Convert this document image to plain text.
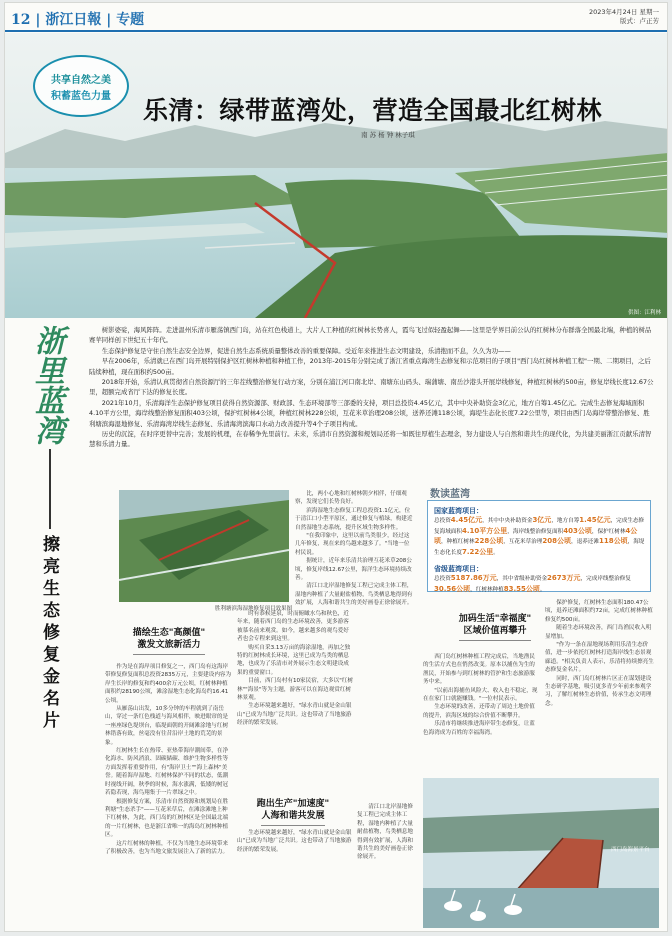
12 | 浙江日報 | 专题	2023年4月24日 星期一
版式：卢正芳
共享自然之美
积蓄蓝色力量	乐清：绿带蓝湾处，营造全国最北红树林
南 苏 杨 钟 林子琪
供图：江利林
浙里蓝湾
擦亮生态修复金名片

树影婆娑，海风阵阵。走进温州乐清市雁荡镇西门岛，站在红色栈道上，大片人工种植的红树林长势喜人，霞鸟飞过似轻盈起舞——这里是学界目前公认的红树林分布群落全国最北端，种植的树品赛苹同样创下世纪五十年代。

生态保护修复是守住自然生态安全边界，促进自然生态系统质量整体改善的重要保障。受近年来推进生态文明建设，乐清抱而不息，久久为功——

早在2006年，乐清就已在西门岛开展特别保护区红树林种植和种植工作，2013年-2015年分别完成了浙江省重点海湾生态修复和示范项目的子项目"西门岛红树林种植工程"一期、二期项目，之后陆续种植，现在面积约500亩。

2018年开始，乐清认真贯彻省自然资源厅的三年茬线整治修复行动方案，分别在浦江河口南北岸、南塘东山码头、瑞蒲塘、南岳沙港头开展岸线修复，种植红树林约500亩，修复岸线长度12.67公里，超额完成省厅下达的修复长度。

2021年10月，乐清海洋生态保护修复项目获得自然资源部、财政部、生态环境部等三部委的支持，项目总投资4.45亿元，其中中央补助资金3亿元，地方自筹1.45亿元。完成生态修复海域面积4.10平方公里，海岸线整治修复面积403公顷，保护红树林4公顷，种植红树林228公顷，互花米草治理208公顷，送养还滩118公顷，海堤生态化长度7.22公里等，项目由西门岛海岸带整治修复、胜利塘滨海湿地修复、乐清海湾岸线生态修复、乐清海湾滨海口水动力改善提升等4个子项目构成。

历史的沉淀，在时序更替中完善；发展的机理，在春稀争先里前行。未来，乐清市自然资源和规划局还将一如既往厚植生态理念，努力建设人与自然和谐共生的现代化，为共建美丽浙江贡献乐清智慧和乐清力量。

胜利塘滨海湿地修复项目效果图
描绘生态"高颜值"
激发文旅新活力
跑出生产"加速度"
人海和谐共发展
加码生活"幸福度"
区域价值再攀升

作为是在海岸项目修复之一，西门岛有这海岸带修复修复面积总投资2835万元，主要建设内容为岸生长岸的修复和约400余万元公顷，红树林种植面积约28190公顷，滩涂湿地生态化海岛约16.41公顷。

从雁荡山出发，10多分钟的车程就到了南岳山，穿过一条红色栈道与海风相伴，映进眼帘的是一座座绿色堤坝台，临堤面朝的开阔滩涂地与红树林错落有致，丝毫没有往昔沿岸土地的荒芜的景象。

红树林生长在热带、亚热带海岸潮间带，在净化海水、防风消浪、固碳储碳、维护生物多样性等方面发挥着重要作用，有"海岸卫士""海上森林"美誉。随着海岸湿地、红树林保护不同的状态，低潮时视线开阔，秋季的时候，海水涨满，低矮的树冠若隐若现，海鸟翔集于一片翠绿之中。

根据修复方案，乐清市自然资源和规划局在胜利塘"生态杀手"——互花米草后，在滩涂滩地上种下红树林，为此，西门岛的红树林区是全国最北端的一片红树林，也是浙江省唯一的海岛红树林种植区。

这片红树林的种植，不仅为当地生态环境带来了积极改善，也为当地文旅发展注入了新的活力。

时有恭候延泉，时而俯瞰水鸟和秋色，近年来，随着西门岛的生态环境改善，更多游客被慕名前来观赏。如今，越来越多的观鸟爱好者也会专程来到这里。

购买自采3.13万亩的海涂湿地，再加之独特的红树林成长环境，这里已成为鸟类的栖息地，也成为了乐清市对外展示生态文明建设成果的重要窗口。

目前，西门岛村有10家民宿，大多以"红树林""海景"等为主题，游客可以在海边观赏红树林景观。

生态环境越来越好，"绿水青山就是金山银山"已成为当地广泛共识。这也带动了当地旅游经济的繁荣发展。

生态环境越来越好，"绿水青山就是金山银山"已成为当地广泛共识。这也带动了当地旅游经济的繁荣发展。

比，两小心地和红树林朝夕相伴，仔细观察，发现它们长势良好。

滨海湿地生态修复工程总投资1.1亿元，位于清江口小型平原区，通过修复与植绿，构建近自然湿地生态系统，提升区域生物多样性。

"在我印象中，这里以前鸟类很少，经过这几年修复，现在来的鸟越来越多了。"当地一位村民说。

据统计，近年来乐清共治理互花米草208公顷，修复岸线12.67公里，海洋生态环境持续改善。

清江口北岸湿地修复工程已完成主体工程，湿地内种植了大量耐盐植物，鸟类栖息地得到有效扩展，人海和谐共生的美好画卷正徐徐展开。

清江口北岸湿地修复工程已完成主体工程，湿地内种植了大量耐盐植物，鸟类栖息地得到有效扩展，人海和谐共生的美好画卷正徐徐展开。

西门岛红树林种植工程完成后，当地渔民的生活方式也在悄然改变。原本以捕鱼为生的渔民，开始参与到红树林的管护和生态旅游服务中来。

"以前出海捕鱼风险大、收入也不稳定，现在在家门口就能赚钱。"一位村民表示。

生态环境的改善，还带动了周边土地价值的提升，滨海区域的综合价值不断攀升。

乐清市将继续推进海岸带生态修复，让蓝色海湾成为百姓的幸福海湾。

保护修复，红树林生态面积180.47公顷，退养还滩面积约72亩，完成红树林种植修复约500亩。

随着生态环境改善，西门岛渔民收入明显增加。

"作为一条在湿地现场利用乐清生态价值，进一步依托红树林打造海岸线生态景观廊道。"相关负责人表示，乐清将持续擦亮生态修复金名片。

同时，西门岛红树林片区正在谋划建设生态研学基地，吸引更多青少年前来参观学习，了解红树林生态价值，传承生态文明理念。

数读蓝湾
国家蓝湾项目：
总投资4.45亿元，其中中央补助资金3亿元，地方自筹1.45亿元，完成生态修复海域面积4.10平方公里，海岸线整治修复面积403公顷，保护红树林4公顷，种植红树林228公顷，互花米草治理208公顷，退养还滩118公顷，海堤生态化长度7.22公里。
省级蓝湾项目：
总投资5187.86万元，其中省级补助资金2673万元，完成岸线整治修复30.56公顷，红树林种植83.55公顷。
西门岛海景平台
